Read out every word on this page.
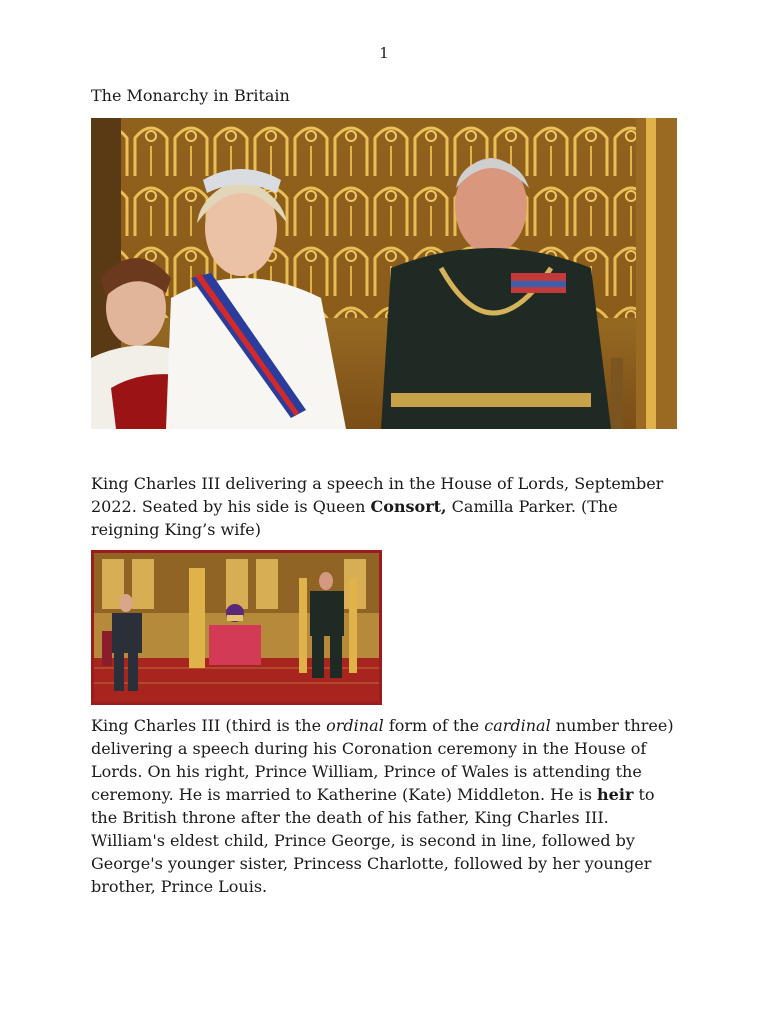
1
The Monarchy in Britain

King Charles III delivering a speech in the House of Lords, September 2022. Seated by his side is Queen Consort, Camilla Parker. (The reigning King’s wife)

King Charles III (third is the ordinal form of the cardinal number three) delivering a speech during his Coronation ceremony in the House of Lords. On his right, Prince William, Prince of Wales is attending the ceremony. He is married to Katherine (Kate) Middleton. He is heir to the British throne after the death of his father, King Charles III. William's eldest child, Prince George, is second in line, followed by George's younger sister, Princess Charlotte, followed by her younger brother, Prince Louis.
